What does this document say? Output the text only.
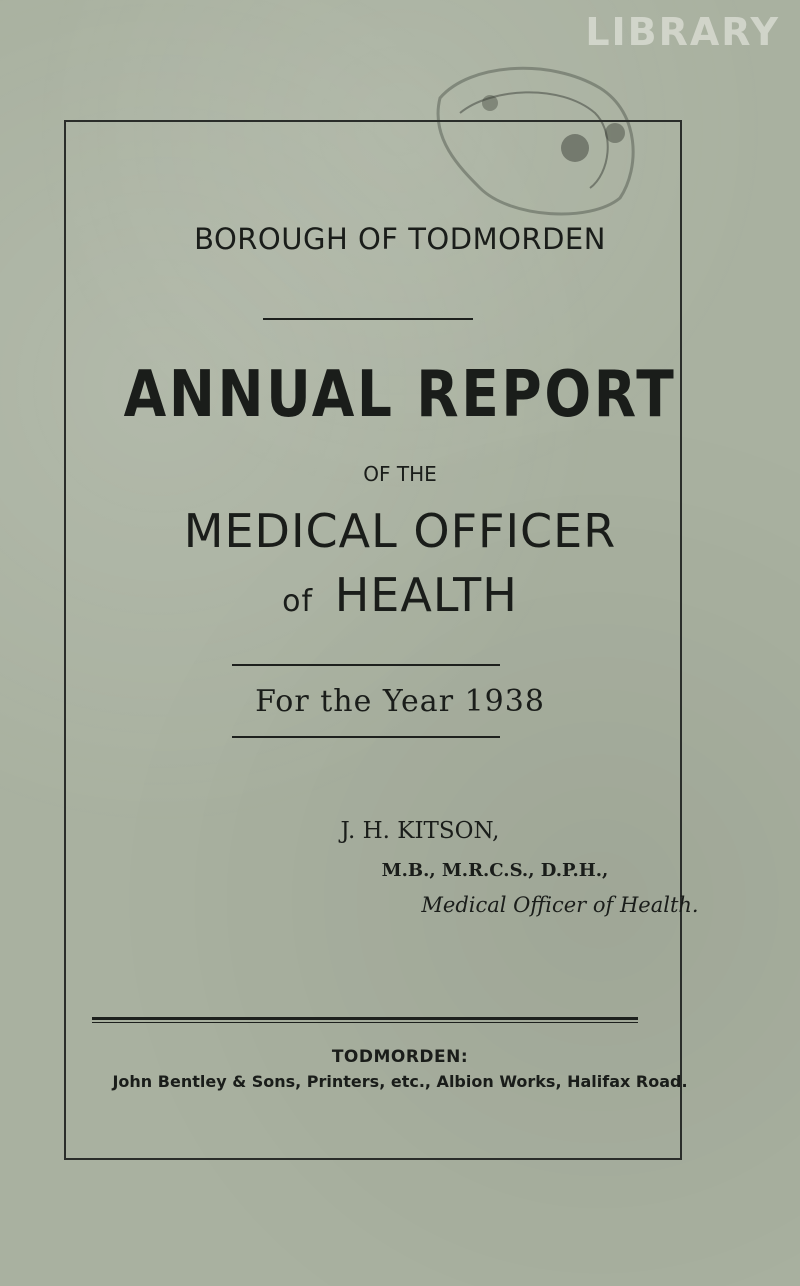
LIBRARY
BOROUGH OF TODMORDEN
ANNUAL REPORT
OF THE
MEDICAL OFFICER
of HEALTH
For the Year 1938
J. H. KITSON,
M.B., M.R.C.S., D.P.H.,
Medical Officer of Health.
TODMORDEN:
John Bentley & Sons, Printers, etc., Albion Works, Halifax Road.
